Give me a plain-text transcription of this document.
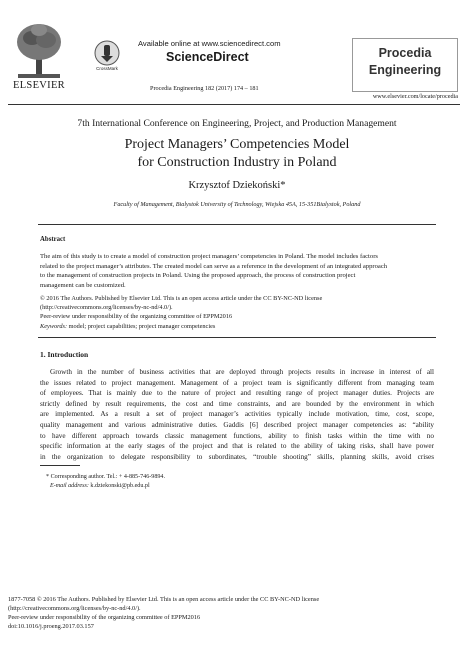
ELSEVIER
CrossMark
Available online at www.sciencedirect.com
ScienceDirect
Procedia Engineering 182 (2017) 174 – 181
Procedia
Engineering
www.elsevier.com/locate/procedia
7th International Conference on Engineering, Project, and Production Management
Project Managers’ Competencies Model
for Construction Industry in Poland
Krzysztof Dziekoński*
Faculty of Management, Bialystok University of Technology, Wiejska 45A, 15-351Bialystok, Poland
Abstract
The aim of this study is to create a model of construction project managers’ competencies in Poland. The model includes factors
related to the project manager’s attributes. The created model can serve as a reference in the development of an integrated approach
to the management of construction projects in Poland. Using the proposed approach, the process of construction project
management can be customized.
© 2016 The Authors. Published by Elsevier Ltd. This is an open access article under the CC BY-NC-ND license
(http://creativecommons.org/licenses/by-nc-nd/4.0/).
Peer-review under responsibility of the organizing committee of EPPM2016
Keywords: model; project capabilities; project manager competencies
1. Introduction
Growth in the number of business activities that are deployed through projects results in increase in interest of all
the issues related to project management. Management of a project team is significantly different from managing team
of employees. That is mainly due to the nature of project and resulting range of project manager duties. Projects are
strictly defined by result requirements, the cost and time constraints, and are bounded by the environment in which
are implemented. As a result a set of project manager’s activities typically include motivation, time, cost, scope,
quality management and various administrative duties. Gaddis [6] described project manager competencies as: “ability
to have different approach towards classic management functions, ability to finish tasks within the time with no
specific information at the early stages of the project and that is related to the ability of taking risks, shall have power
in the organization to delegate responsibility to subordinates, “trouble shooting” skills, planning skills, avoid crises
* Corresponding author. Tel.: + 4-885-746-9894.
E-mail address: k.dziekonski@pb.edu.pl
1877-7058 © 2016 The Authors. Published by Elsevier Ltd. This is an open access article under the CC BY-NC-ND license
(http://creativecommons.org/licenses/by-nc-nd/4.0/).
Peer-review under responsibility of the organizing committee of EPPM2016
doi:10.1016/j.proeng.2017.03.157
